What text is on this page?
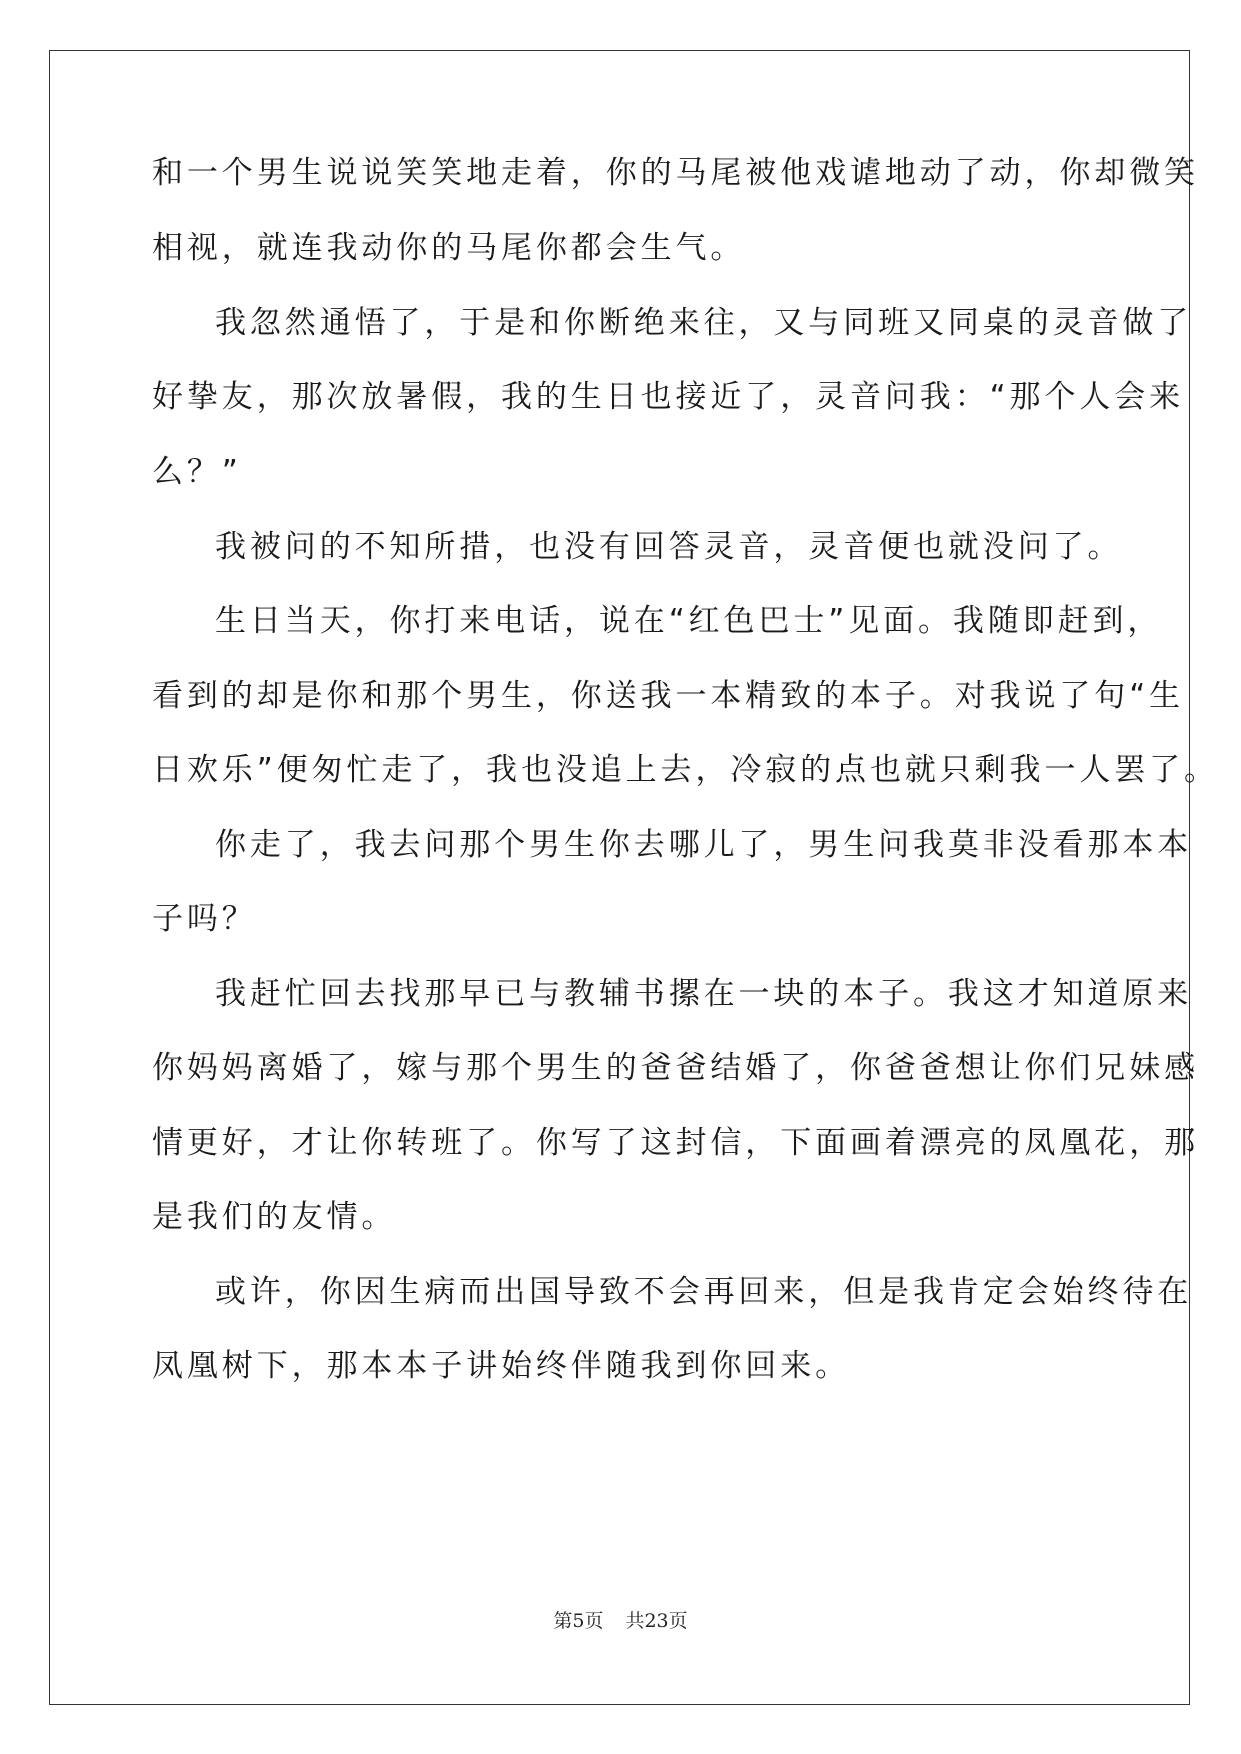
和一个男生说说笑笑地走着，你的马尾被他戏谑地动了动，你却微笑

相视，就连我动你的马尾你都会生气。

我忽然通悟了，于是和你断绝来往，又与同班又同桌的灵音做了

好挚友，那次放暑假，我的生日也接近了，灵音问我：“那个人会来

么？”

我被问的不知所措，也没有回答灵音，灵音便也就没问了。

生日当天，你打来电话，说在“红色巴士”见面。我随即赶到，

看到的却是你和那个男生，你送我一本精致的本子。对我说了句“生

日欢乐”便匆忙走了，我也没追上去，冷寂的点也就只剩我一人罢了。

你走了，我去问那个男生你去哪儿了，男生问我莫非没看那本本

子吗？

我赶忙回去找那早已与教辅书摞在一块的本子。我这才知道原来

你妈妈离婚了，嫁与那个男生的爸爸结婚了，你爸爸想让你们兄妹感

情更好，才让你转班了。你写了这封信，下面画着漂亮的凤凰花，那

是我们的友情。

或许，你因生病而出国导致不会再回来，但是我肯定会始终待在

凤凰树下，那本本子讲始终伴随我到你回来。

第5页 共23页
